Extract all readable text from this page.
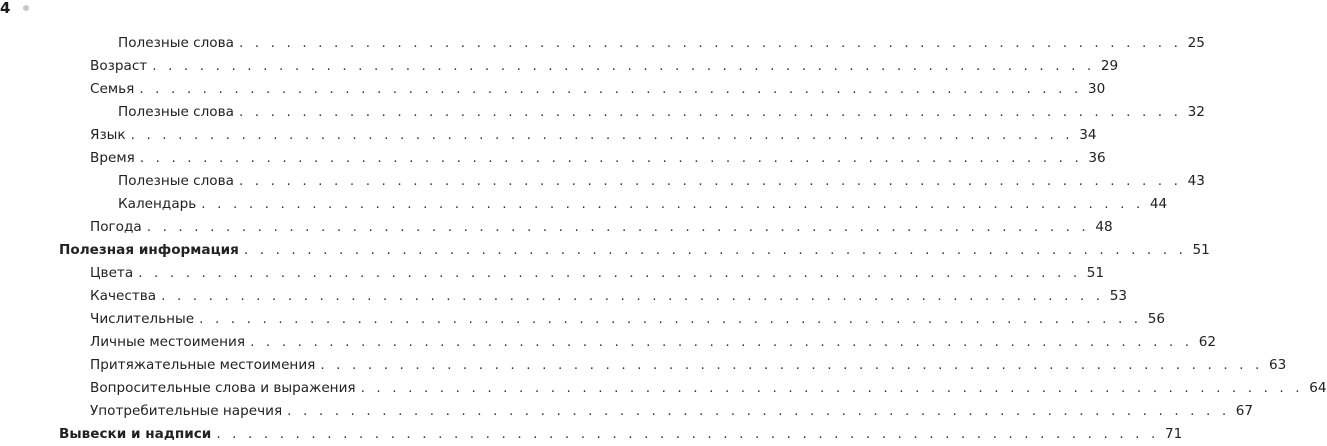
4
Полезные слова . . . . . . . . . . . . . . . . . . . . . . . . . . . . . . . . . . . . . . . . . . . . . . . . . . . . . . . . . . . . 25
Возраст . . . . . . . . . . . . . . . . . . . . . . . . . . . . . . . . . . . . . . . . . . . . . . . . . . . . . . . . . . . . 29
Семья . . . . . . . . . . . . . . . . . . . . . . . . . . . . . . . . . . . . . . . . . . . . . . . . . . . . . . . . . . . . 30
Полезные слова . . . . . . . . . . . . . . . . . . . . . . . . . . . . . . . . . . . . . . . . . . . . . . . . . . . . . . . . . . . . 32
Язык . . . . . . . . . . . . . . . . . . . . . . . . . . . . . . . . . . . . . . . . . . . . . . . . . . . . . . . . . . . . 34
Время . . . . . . . . . . . . . . . . . . . . . . . . . . . . . . . . . . . . . . . . . . . . . . . . . . . . . . . . . . . . 36
Полезные слова . . . . . . . . . . . . . . . . . . . . . . . . . . . . . . . . . . . . . . . . . . . . . . . . . . . . . . . . . . . . 43
Календарь . . . . . . . . . . . . . . . . . . . . . . . . . . . . . . . . . . . . . . . . . . . . . . . . . . . . . . . . . . . . 44
Погода . . . . . . . . . . . . . . . . . . . . . . . . . . . . . . . . . . . . . . . . . . . . . . . . . . . . . . . . . . . . 48
Полезная информация . . . . . . . . . . . . . . . . . . . . . . . . . . . . . . . . . . . . . . . . . . . . . . . . . . . . . . . . . . . . 51
Цвета . . . . . . . . . . . . . . . . . . . . . . . . . . . . . . . . . . . . . . . . . . . . . . . . . . . . . . . . . . . . 51
Качества . . . . . . . . . . . . . . . . . . . . . . . . . . . . . . . . . . . . . . . . . . . . . . . . . . . . . . . . . . . . 53
Числительные . . . . . . . . . . . . . . . . . . . . . . . . . . . . . . . . . . . . . . . . . . . . . . . . . . . . . . . . . . . . 56
Личные местоимения . . . . . . . . . . . . . . . . . . . . . . . . . . . . . . . . . . . . . . . . . . . . . . . . . . . . . . . . . . . . 62
Притяжательные местоимения . . . . . . . . . . . . . . . . . . . . . . . . . . . . . . . . . . . . . . . . . . . . . . . . . . . . . . . . . . . . 63
Вопросительные слова и выражения . . . . . . . . . . . . . . . . . . . . . . . . . . . . . . . . . . . . . . . . . . . . . . . . . . . . . . . . . . . . 64
Употребительные наречия . . . . . . . . . . . . . . . . . . . . . . . . . . . . . . . . . . . . . . . . . . . . . . . . . . . . . . . . . . . . 67
Вывески и надписи . . . . . . . . . . . . . . . . . . . . . . . . . . . . . . . . . . . . . . . . . . . . . . . . . . . . . . . . . . . . 71
